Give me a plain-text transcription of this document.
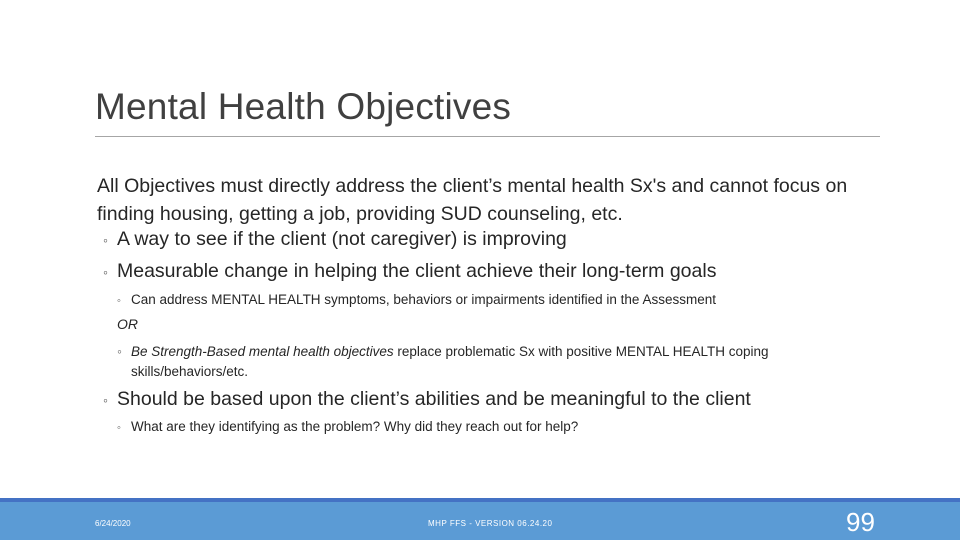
Mental Health Objectives
All Objectives must directly address the client’s mental health Sx's and cannot focus on finding housing, getting a job, providing SUD counseling, etc.
◦ A way to see if the client (not caregiver) is improving
◦ Measurable change in helping the client achieve their long-term goals
◦ Can address MENTAL HEALTH symptoms, behaviors or impairments identified in the Assessment
OR
◦ Be Strength-Based mental health objectives replace problematic Sx with positive MENTAL HEALTH coping skills/behaviors/etc.
◦ Should be based upon the client’s abilities and be meaningful to the client
◦ What are they identifying as the problem? Why did they reach out for help?
6/24/2020	MHP FFS - VERSION 06.24.20	99
